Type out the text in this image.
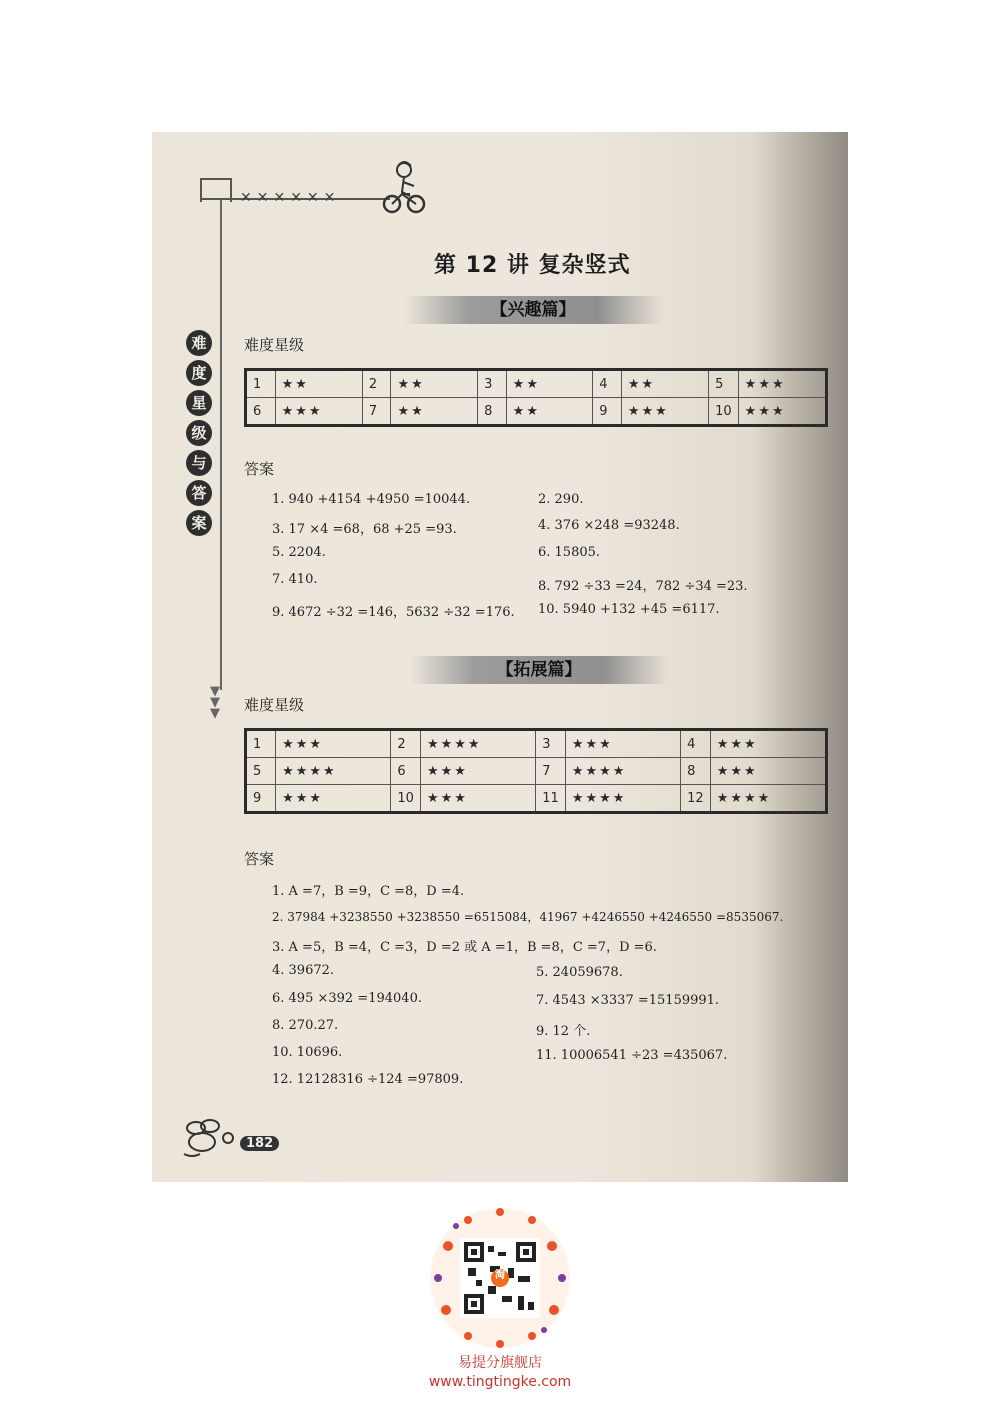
✕✕✕✕✕✕
▼
▼
▼
难
度
星
级
与
答
案
第 12 讲 复杂竖式
【兴趣篇】
难度星级
1	★★	2	★★	3	★★	4	★★	5	★★★
6	★★★	7	★★	8	★★	9	★★★	10	★★★
答案
1. 940 +4154 +4950 =10044.	2. 290.
3. 17 ×4 =68，68 +25 =93.	4. 376 ×248 =93248.
5. 2204.	6. 15805.
7. 410.	8. 792 ÷33 =24，782 ÷34 =23.
9. 4672 ÷32 =146，5632 ÷32 =176. 10. 5940 +132 +45 =6117.
【拓展篇】
难度星级
1	★★★	2	★★★★	3	★★★	4	★★★
5	★★★★	6	★★★	7	★★★★	8	★★★
9	★★★	10	★★★	11	★★★★	12	★★★★
答案
1. A =7，B =9，C =8，D =4.
2. 37984 +3238550 +3238550 =6515084，41967 +4246550 +4246550 =8535067.
3. A =5，B =4，C =3，D =2 或 A =1，B =8，C =7，D =6.
4. 39672.	5. 24059678.
6. 495 ×392 =194040.	7. 4543 ×3337 =15159991.
8. 270.27.	9. 12 个.
10. 10696.	11. 10006541 ÷23 =435067.
12. 12128316 ÷124 =97809.
182
淘
易提分旗舰店
www.tingtingke.com
